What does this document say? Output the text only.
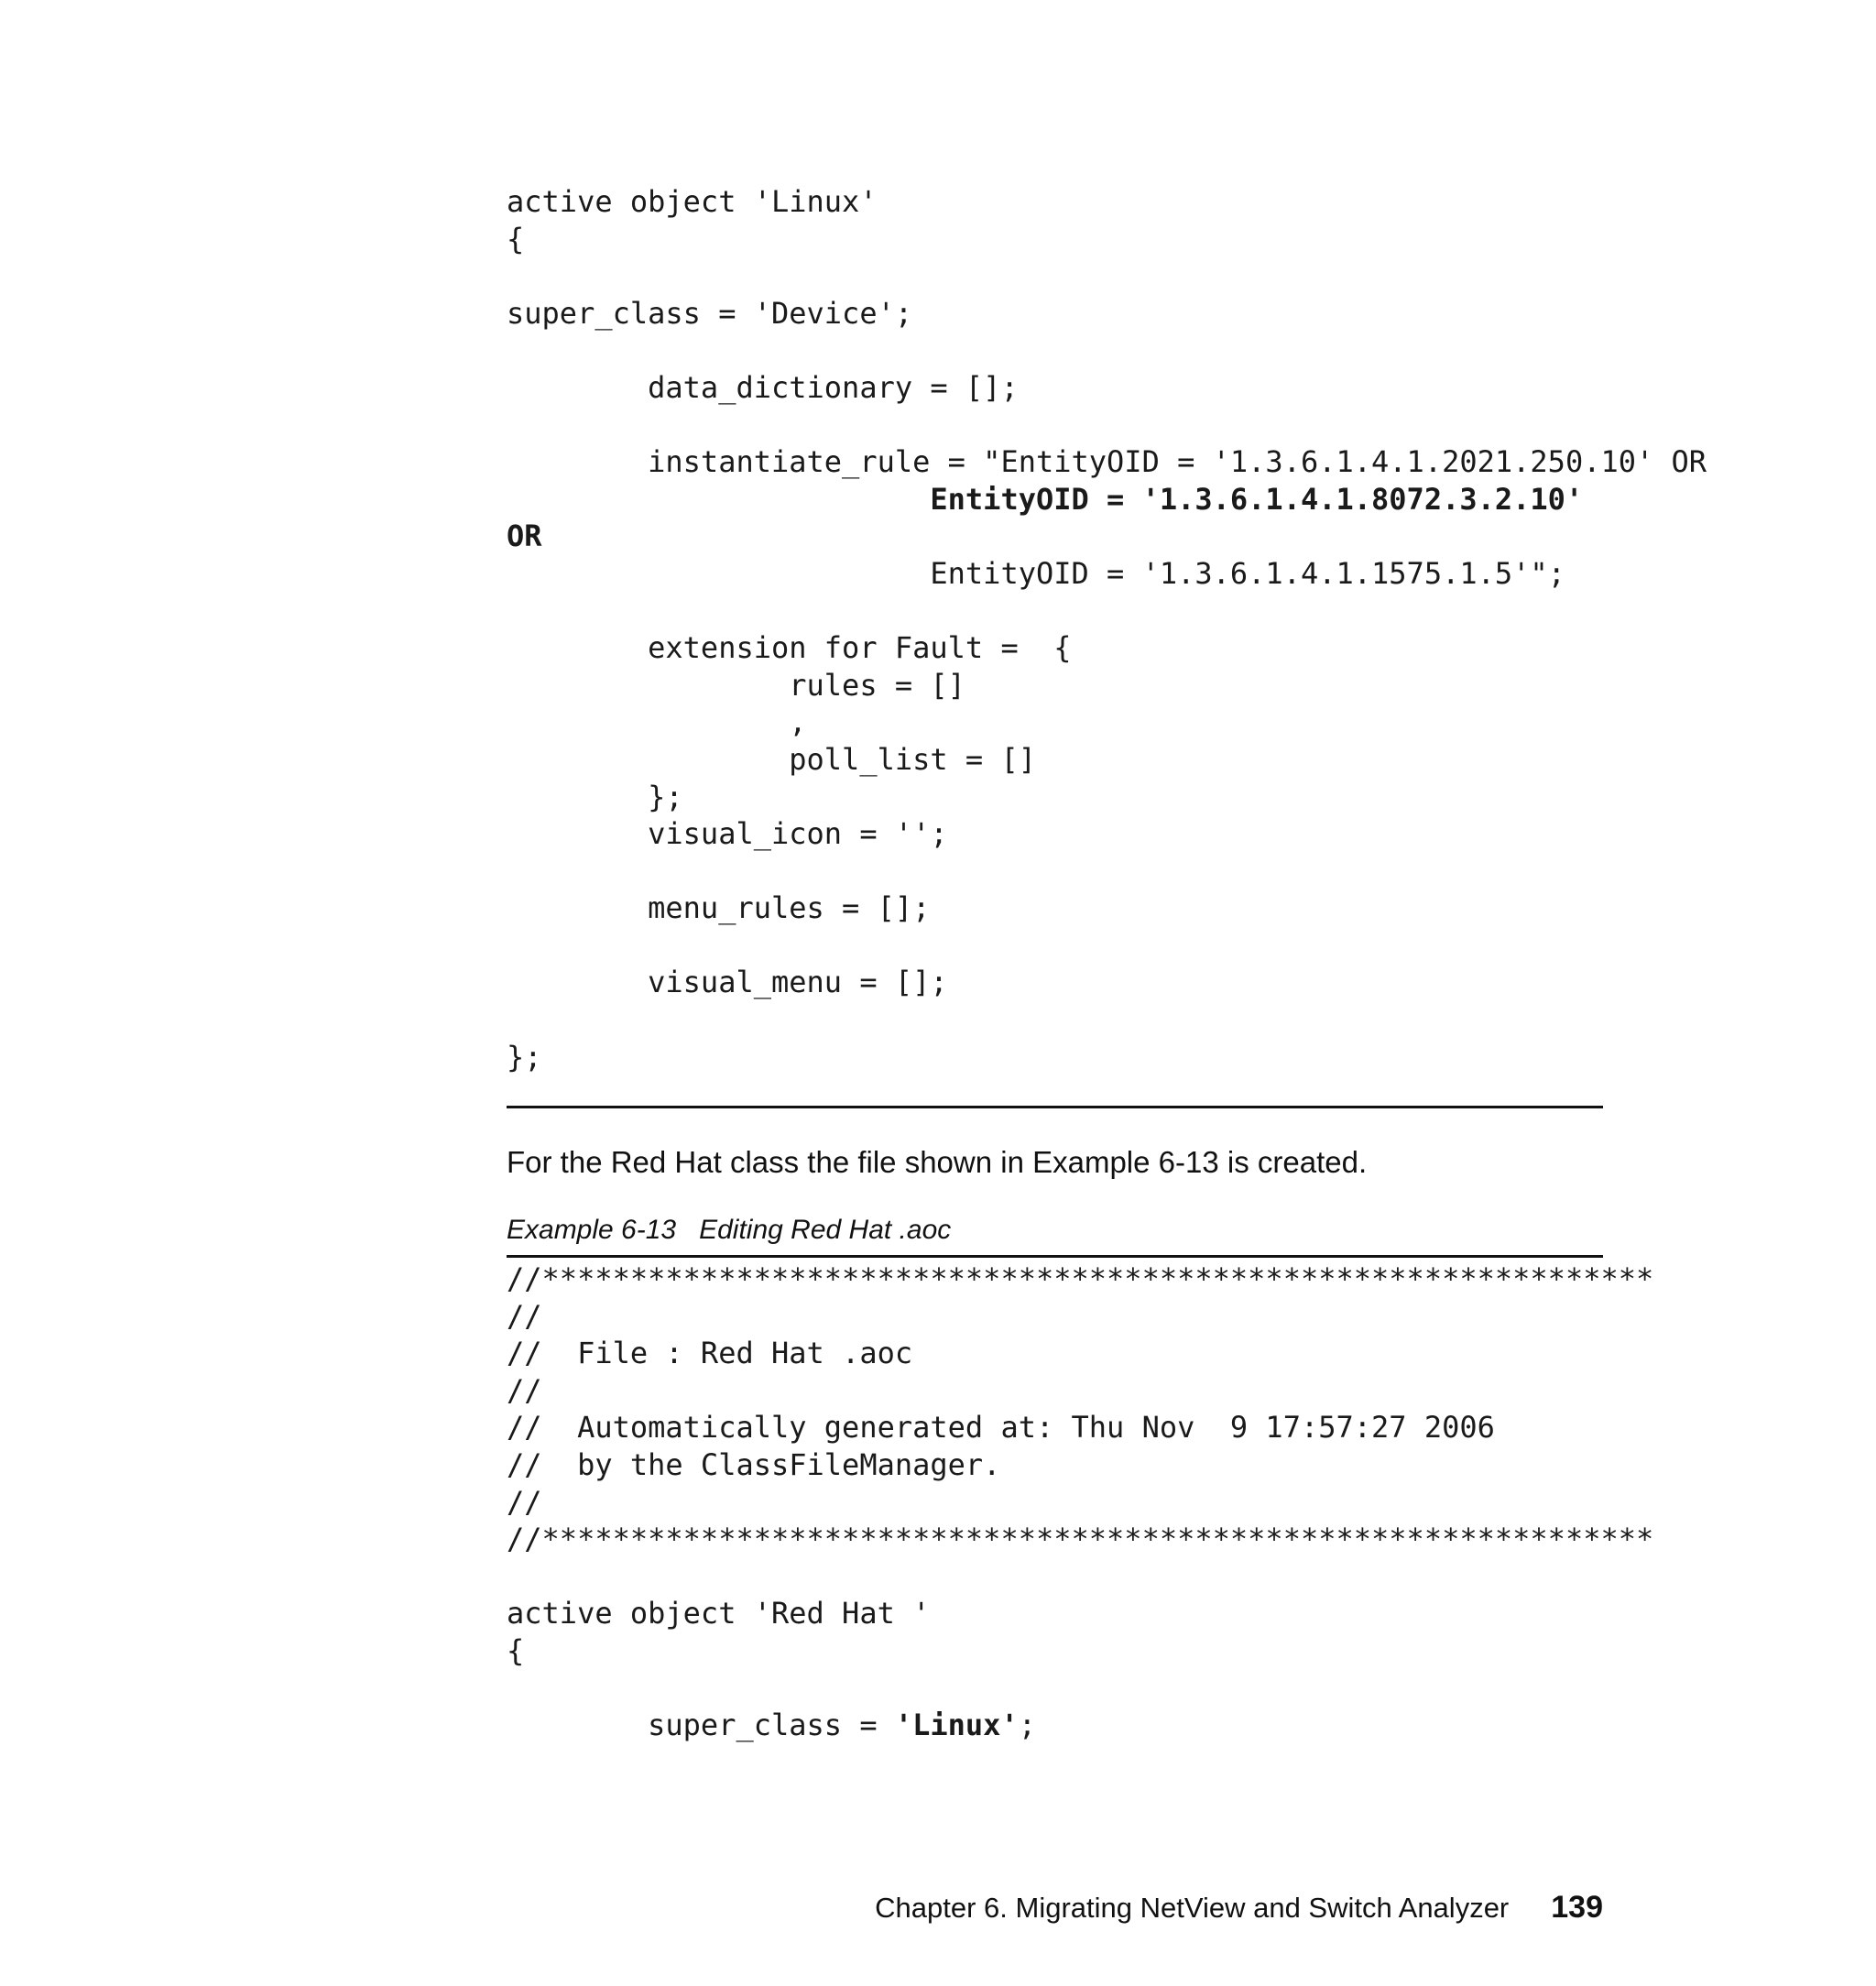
active object 'Linux'
{
super_class = 'Device';
data_dictionary = [];
instantiate_rule = "EntityOID = '1.3.6.1.4.1.2021.250.10' OR
EntityOID = '1.3.6.1.4.1.8072.3.2.10'
OR
EntityOID = '1.3.6.1.4.1.1575.1.5'";
extension for Fault =  {
rules = []
,
poll_list = []
};
visual_icon = '';
menu_rules = [];
visual_menu = [];
};

For the Red Hat class the file shown in Example 6-13 is created.

Example 6-13   Editing Red Hat .aoc

//***************************************************************
//
//  File : Red Hat .aoc
//
//  Automatically generated at: Thu Nov  9 17:57:27 2006
//  by the ClassFileManager.
//
//***************************************************************
active object 'Red Hat '
{
super_class = 'Linux';
Chapter 6. Migrating NetView and Switch Analyzer 139
